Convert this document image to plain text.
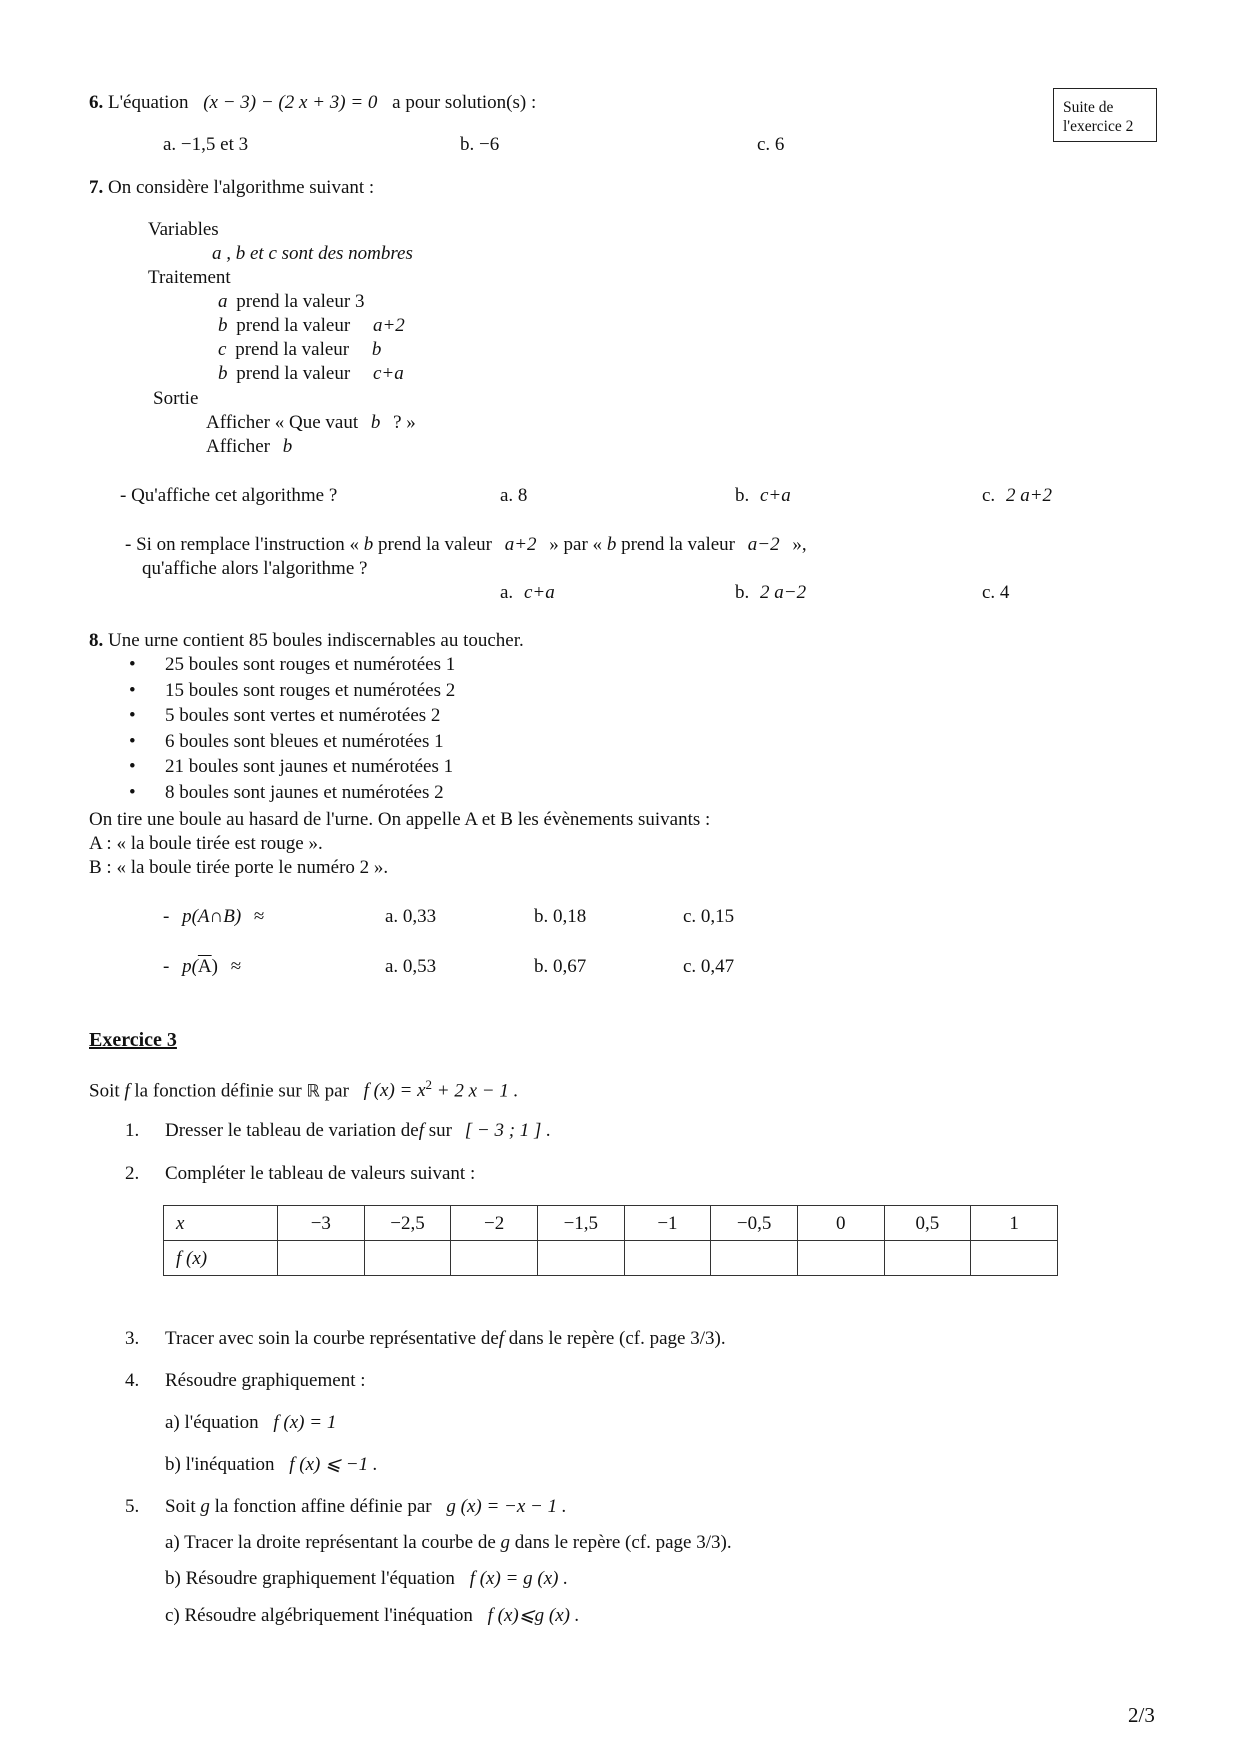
Suite de
l'exercice 2
6. L'équation (x − 3) − (2 x + 3) = 0 a pour solution(s) :
a. −1,5 et 3	b. −6	c. 6
7. On considère l'algorithme suivant :
Variables
a , b et c sont des nombres
Traitement
a prend la valeur 3
b prend la valeur a+2
c prend la valeur b
b prend la valeur c+a
Sortie
Afficher « Que vaut b ? »
Afficher b
- Qu'affiche cet algorithme ?	a. 8	b. c+a	c. 2 a+2
- Si on remplace l'instruction « b prend la valeur a+2 » par « b prend la valeur a−2 »,
qu'affiche alors l'algorithme ?
a. c+a	b. 2 a−2	c. 4
8. Une urne contient 85 boules indiscernables au toucher.
• 25 boules sont rouges et numérotées 1
• 15 boules sont rouges et numérotées 2
• 5 boules sont vertes et numérotées 2
• 6 boules sont bleues et numérotées 1
• 21 boules sont jaunes et numérotées 1
• 8 boules sont jaunes et numérotées 2
On tire une boule au hasard de l'urne. On appelle A et B les évènements suivants :
A : « la boule tirée est rouge ».
B : « la boule tirée porte le numéro 2 ».
- p(A∩B) ≈	a. 0,33	b. 0,18	c. 0,15
- $p(\overline{A})$ ≈	a. 0,53	b. 0,67	c. 0,47
Exercice 3
Soit f la fonction définie sur ℝ par f $(x) = x^2 + 2$ x − 1 .
1. Dresser le tableau de variation def sur [ − 3 ; 1 ] .
2. Compléter le tableau de valeurs suivant :
x	−3	−2,5	−2	−1,5	−1	−0,5	0	0,5	1
f (x)									
3. Tracer avec soin la courbe représentative def dans le repère (cf. page 3/3).
4. Résoudre graphiquement :
a) l'équation f (x) = 1
b) l'inéquation f (x) ⩽ −1 .
5. Soit g la fonction affine définie par g (x) = −x − 1 .
a) Tracer la droite représentant la courbe de g dans le repère (cf. page 3/3).
b) Résoudre graphiquement l'équation f (x) = g (x) .
c) Résoudre algébriquement l'inéquation f (x)⩽g (x) .
2/3
